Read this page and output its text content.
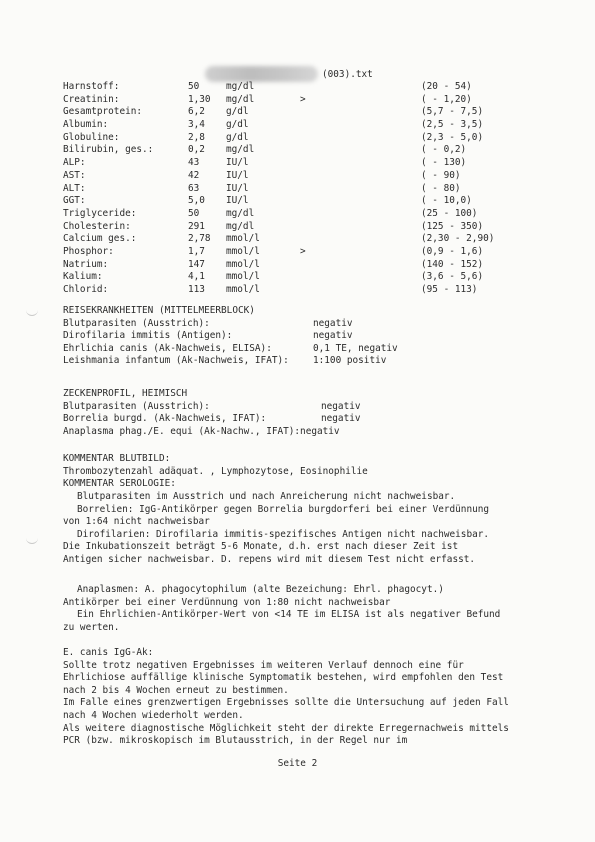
(003).txt
Harnstoff:	50	mg/dl	(20 - 54)
Creatinin:	1,30 mg/dl	>	( - 1,20)
Gesamtprotein:	6,2 g/dl	(5,7 - 7,5)
Albumin:	3,4 g/dl	(2,5 - 3,5)
Globuline:	2,8 g/dl	(2,3 - 5,0)
Bilirubin, ges.:	0,2 mg/dl	( - 0,2)
ALP:	43	IU/l	( - 130)
AST:	42	IU/l	( - 90)
ALT:	63	IU/l	( - 80)
GGT:	5,0 IU/l	( - 10,0)
Triglyceride:	50	mg/dl	(25 - 100)
Cholesterin:	291 mg/dl	(125 - 350)
Calcium ges.:	2,78 mmol/l	(2,30 - 2,90)
Phosphor:	1,7 mmol/l	>	(0,9 - 1,6)
Natrium:	147 mmol/l	(140 - 152)
Kalium:	4,1 mmol/l	(3,6 - 5,6)
Chlorid:	113 mmol/l	(95 - 113)
REISEKRANKHEITEN (MITTELMEERBLOCK)
Blutparasiten (Ausstrich):	negativ
Dirofilaria immitis (Antigen):	negativ
Ehrlichia canis (Ak-Nachweis, ELISA):	0,1 TE, negativ
Leishmania infantum (Ak-Nachweis, IFAT):	1:100 positiv
ZECKENPROFIL, HEIMISCH
Blutparasiten (Ausstrich):	negativ
Borrelia burgd. (Ak-Nachweis, IFAT):	negativ
Anaplasma phag./E. equi (Ak-Nachw., IFAT):negativ
KOMMENTAR BLUTBILD:
Thrombozytenzahl adäquat. , Lymphozytose, Eosinophilie
KOMMENTAR SEROLOGIE:

Blutparasiten im Ausstrich und nach Anreicherung nicht nachweisbar.

Borrelien: IgG-Antikörper gegen Borrelia burgdorferi bei einer Verdünnung von 1:64 nicht nachweisbar

Dirofilarien: Dirofilaria immitis-spezifisches Antigen nicht nachweisbar. Die Inkubationszeit beträgt 5-6 Monate, d.h. erst nach dieser Zeit ist Antigen sicher nachweisbar. D. repens wird mit diesem Test nicht erfasst.

Anaplasmen: A. phagocytophilum (alte Bezeichung: Ehrl. phagocyt.)

Antikörper bei einer Verdünnung von 1:80 nicht nachweisbar

Ein Ehrlichien-Antikörper-Wert von <14 TE im ELISA ist als negativer Befund zu werten.

E. canis IgG-Ak:

Sollte trotz negativen Ergebnisses im weiteren Verlauf dennoch eine für Ehrlichiose auffällige klinische Symptomatik bestehen, wird empfohlen den Test nach 2 bis 4 Wochen erneut zu bestimmen.

Im Falle eines grenzwertigen Ergebnisses sollte die Untersuchung auf jeden Fall nach 4 Wochen wiederholt werden.

Als weitere diagnostische Möglichkeit steht der direkte Erregernachweis mittels PCR (bzw. mikroskopisch im Blutausstrich, in der Regel nur im

Seite 2
